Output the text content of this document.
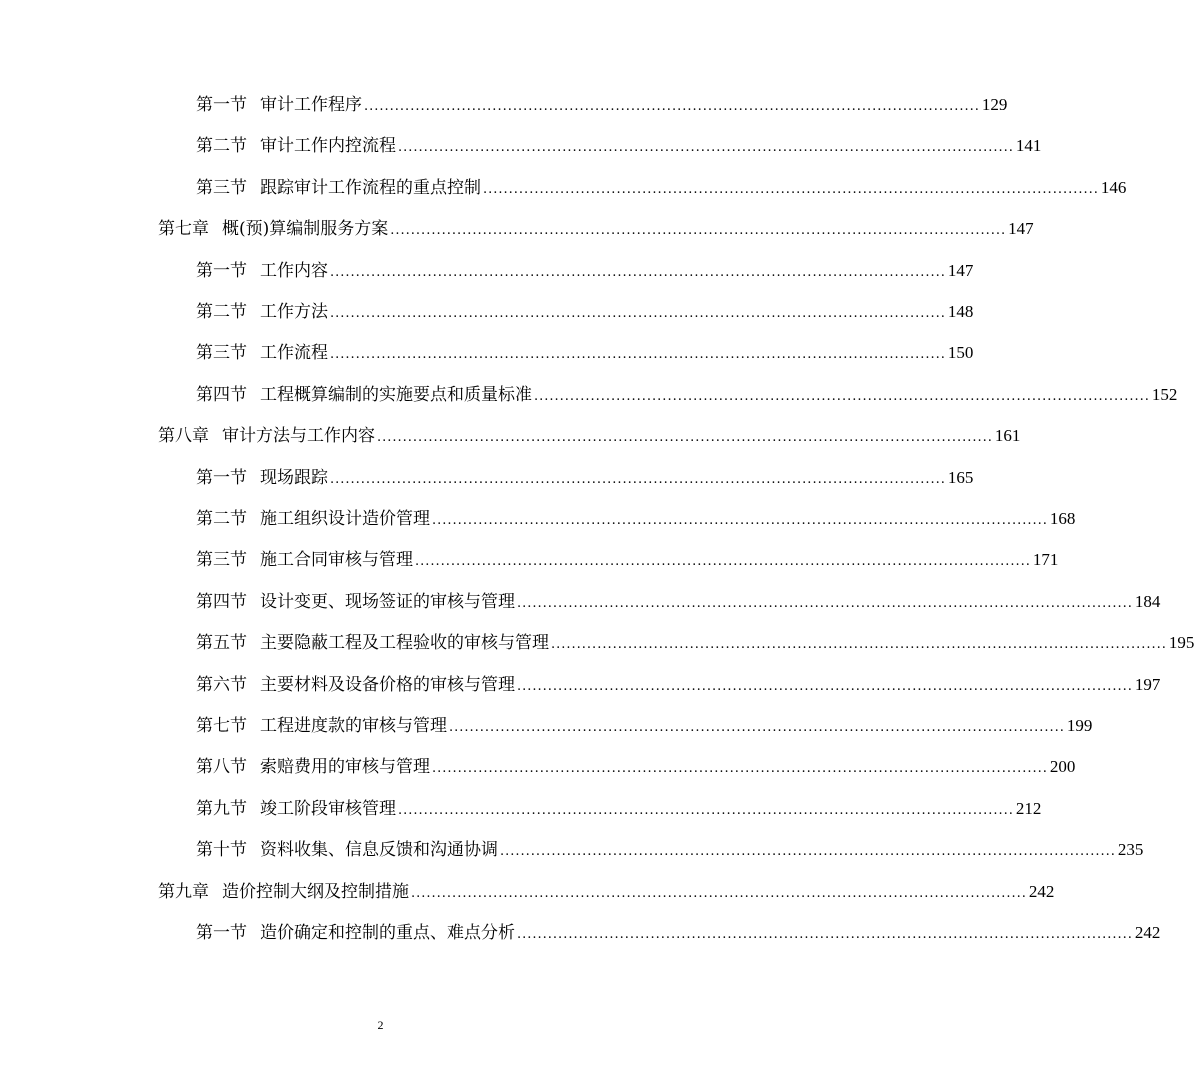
第一节 审计工作程序 ........................................................................................................................ 129
第二节 审计工作内控流程 ........................................................................................................................ 141
第三节 跟踪审计工作流程的重点控制 ........................................................................................................................ 146
第七章 概(预)算编制服务方案 ........................................................................................................................ 147
第一节 工作内容 ........................................................................................................................ 147
第二节 工作方法 ........................................................................................................................ 148
第三节 工作流程 ........................................................................................................................ 150
第四节 工程概算编制的实施要点和质量标准 ........................................................................................................................ 152
第八章 审计方法与工作内容 ........................................................................................................................ 161
第一节 现场跟踪 ........................................................................................................................ 165
第二节 施工组织设计造价管理 ........................................................................................................................ 168
第三节 施工合同审核与管理 ........................................................................................................................ 171
第四节 设计变更、现场签证的审核与管理 ........................................................................................................................ 184
第五节 主要隐蔽工程及工程验收的审核与管理 ........................................................................................................................ 195
第六节 主要材料及设备价格的审核与管理 ........................................................................................................................ 197
第七节 工程进度款的审核与管理 ........................................................................................................................ 199
第八节 索赔费用的审核与管理 ........................................................................................................................ 200
第九节 竣工阶段审核管理 ........................................................................................................................ 212
第十节 资料收集、信息反馈和沟通协调 ........................................................................................................................ 235
第九章 造价控制大纲及控制措施 ........................................................................................................................ 242
第一节 造价确定和控制的重点、难点分析 ........................................................................................................................ 242
2
